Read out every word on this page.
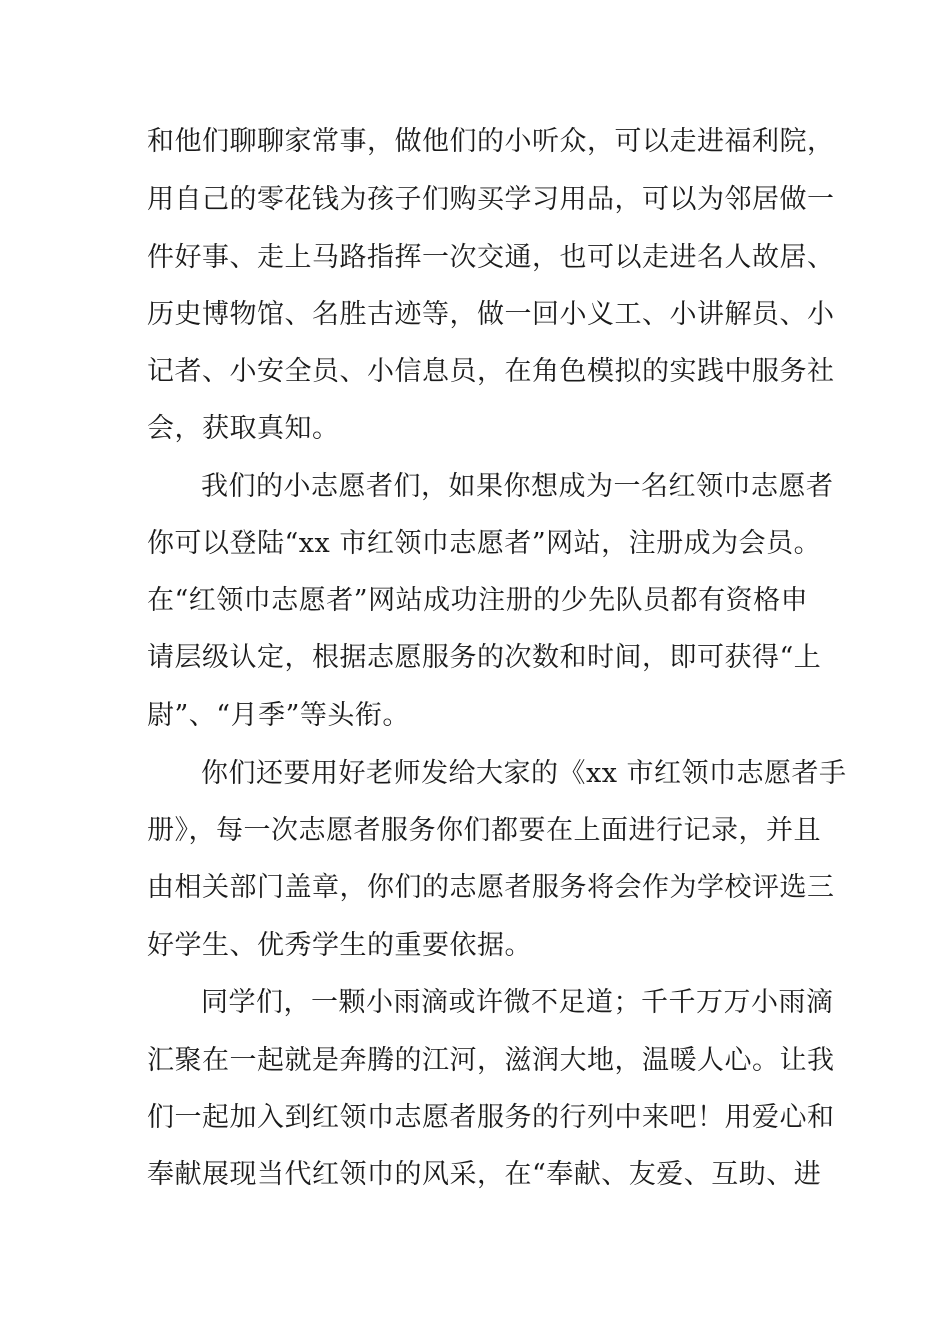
和他们聊聊家常事，做他们的小听众，可以走进福利院，
用自己的零花钱为孩子们购买学习用品，可以为邻居做一
件好事、走上马路指挥一次交通，也可以走进名人故居、
历史博物馆、名胜古迹等，做一回小义工、小讲解员、小
记者、小安全员、小信息员，在角色模拟的实践中服务社
会，获取真知。
我们的小志愿者们，如果你想成为一名红领巾志愿者
你可以登陆“xx 市红领巾志愿者”网站，注册成为会员。
在“红领巾志愿者”网站成功注册的少先队员都有资格申
请层级认定，根据志愿服务的次数和时间，即可获得“上
尉”、“月季”等头衔。
你们还要用好老师发给大家的《xx 市红领巾志愿者手
册》，每一次志愿者服务你们都要在上面进行记录，并且
由相关部门盖章，你们的志愿者服务将会作为学校评选三
好学生、优秀学生的重要依据。
同学们，一颗小雨滴或许微不足道；千千万万小雨滴
汇聚在一起就是奔腾的江河，滋润大地，温暖人心。让我
们一起加入到红领巾志愿者服务的行列中来吧！用爱心和
奉献展现当代红领巾的风采，在“奉献、友爱、互助、进
